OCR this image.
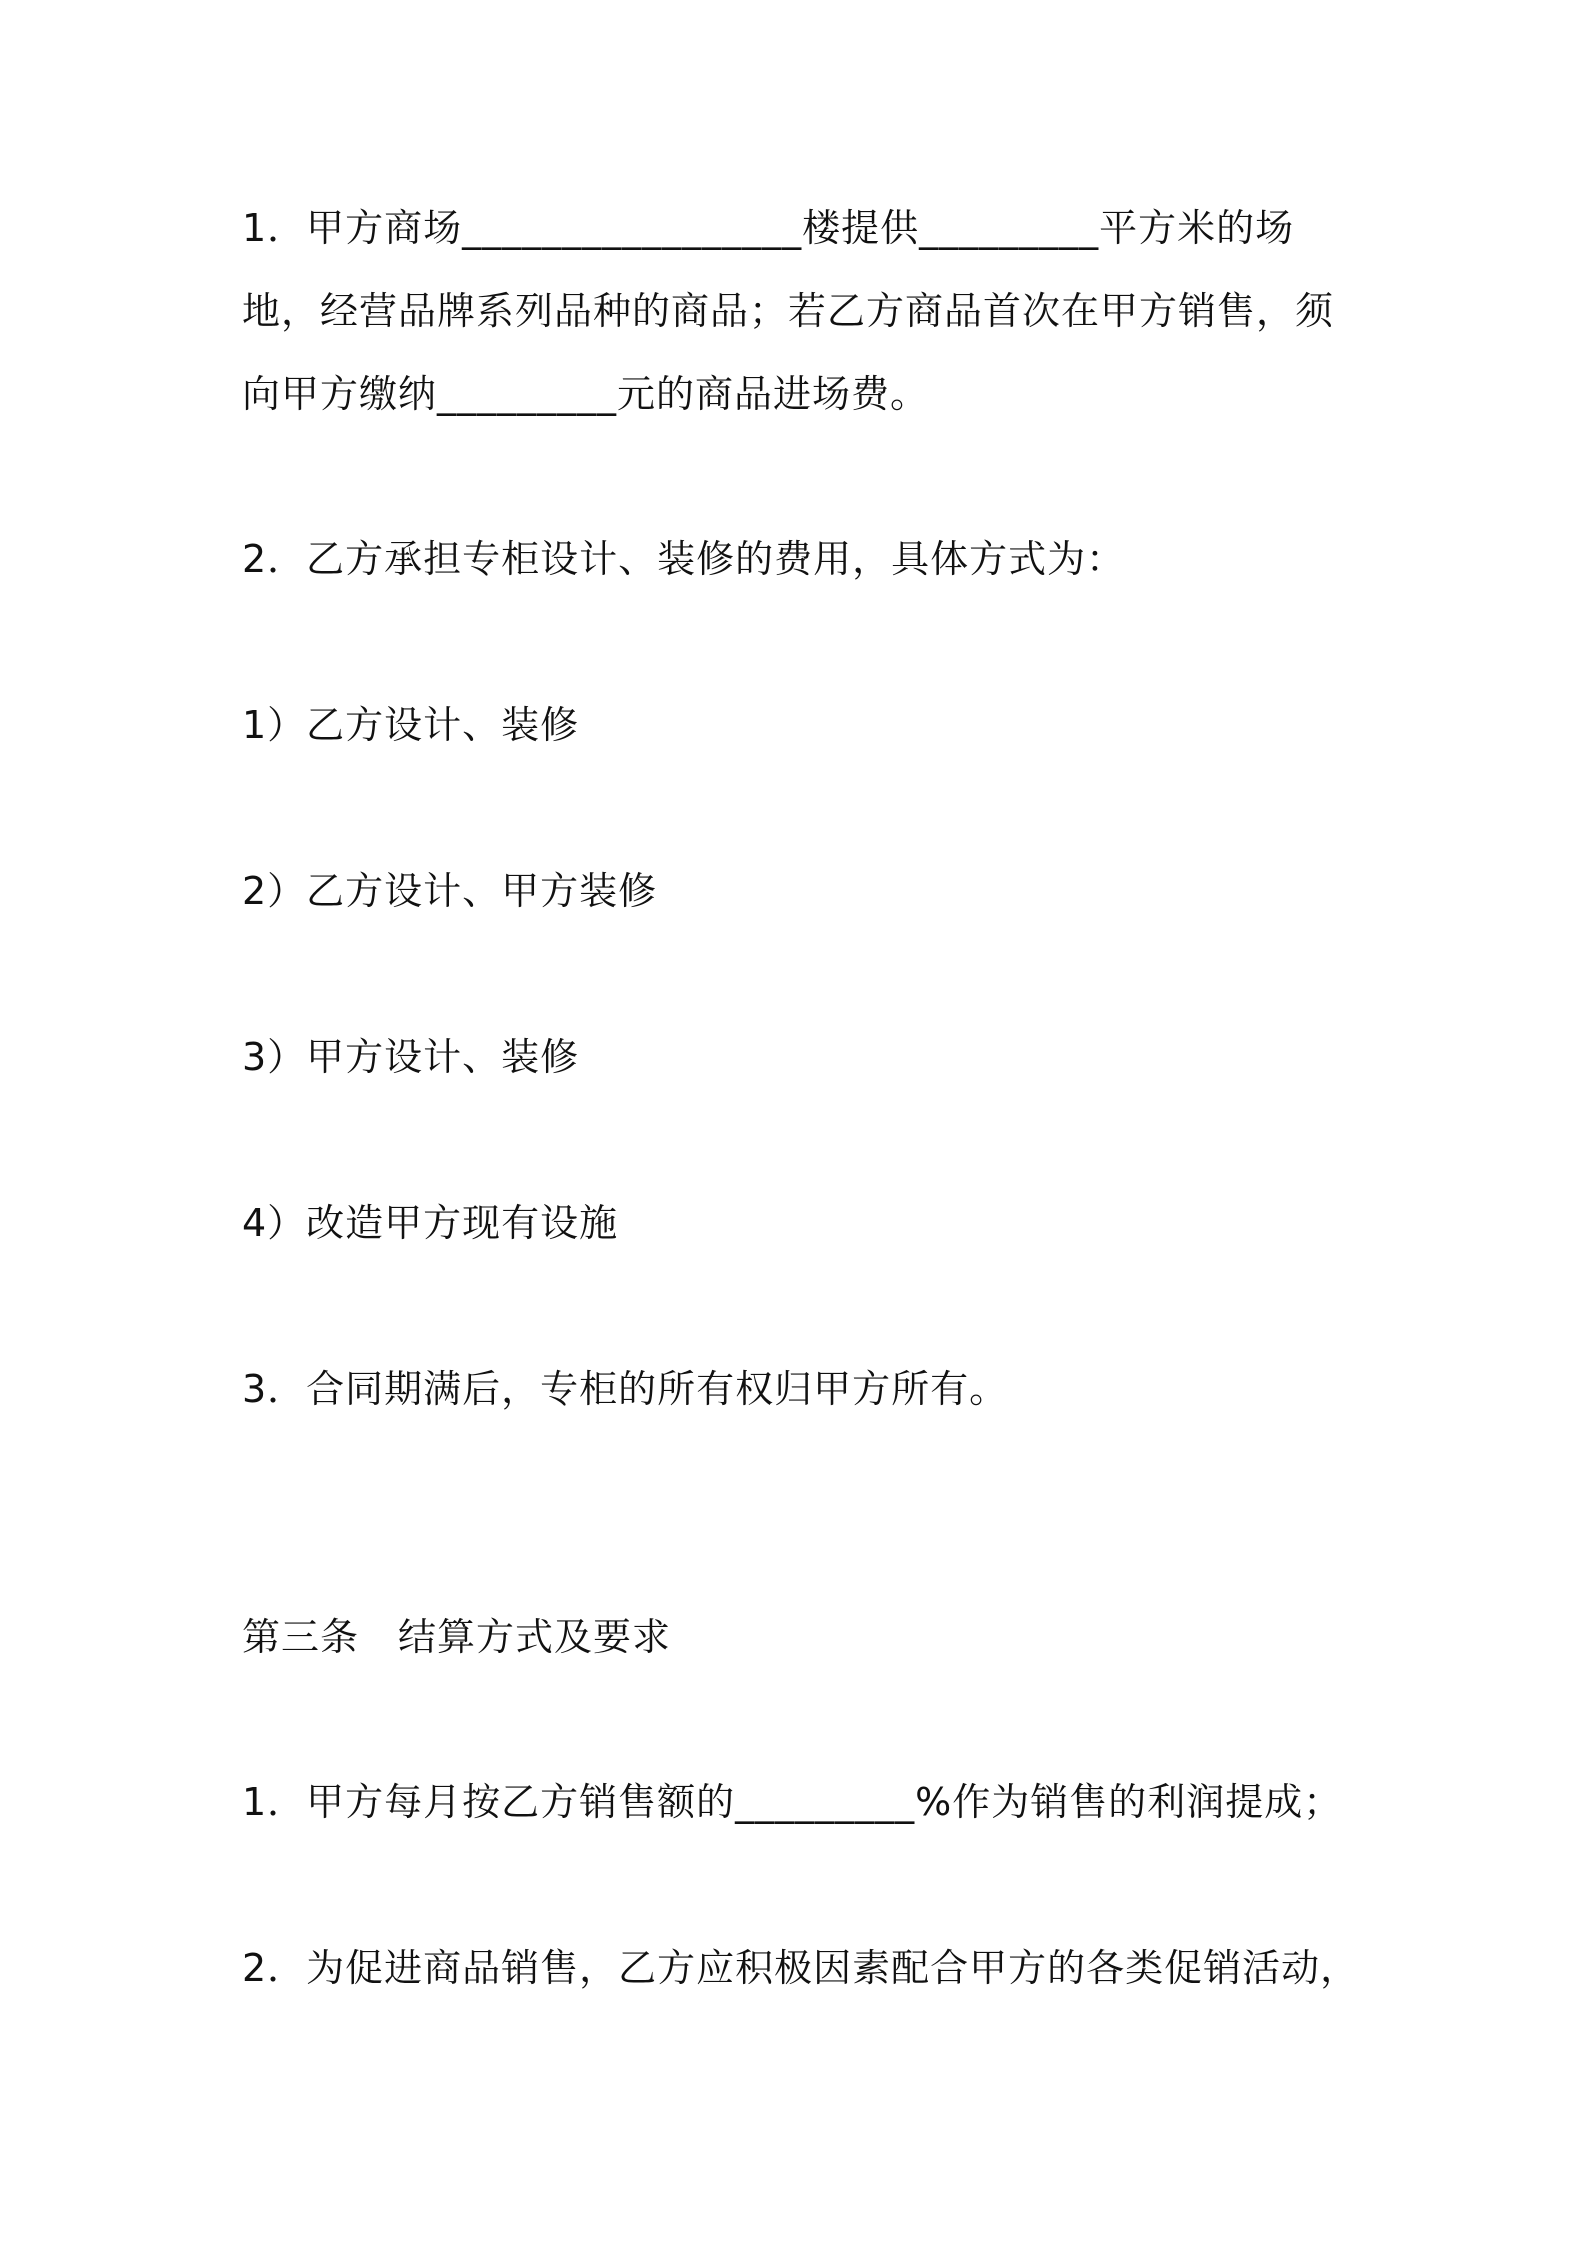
1．甲方商场_________________楼提供_________平方米的场
地，经营品牌系列品种的商品；若乙方商品首次在甲方销售，须
向甲方缴纳_________元的商品进场费。
2．乙方承担专柜设计、装修的费用，具体方式为：
1）乙方设计、装修
2）乙方设计、甲方装修
3）甲方设计、装修
4）改造甲方现有设施
3．合同期满后，专柜的所有权归甲方所有。
第三条　结算方式及要求
1．甲方每月按乙方销售额的_________%作为销售的利润提成；
2．为促进商品销售，乙方应积极因素配合甲方的各类促销活动，
